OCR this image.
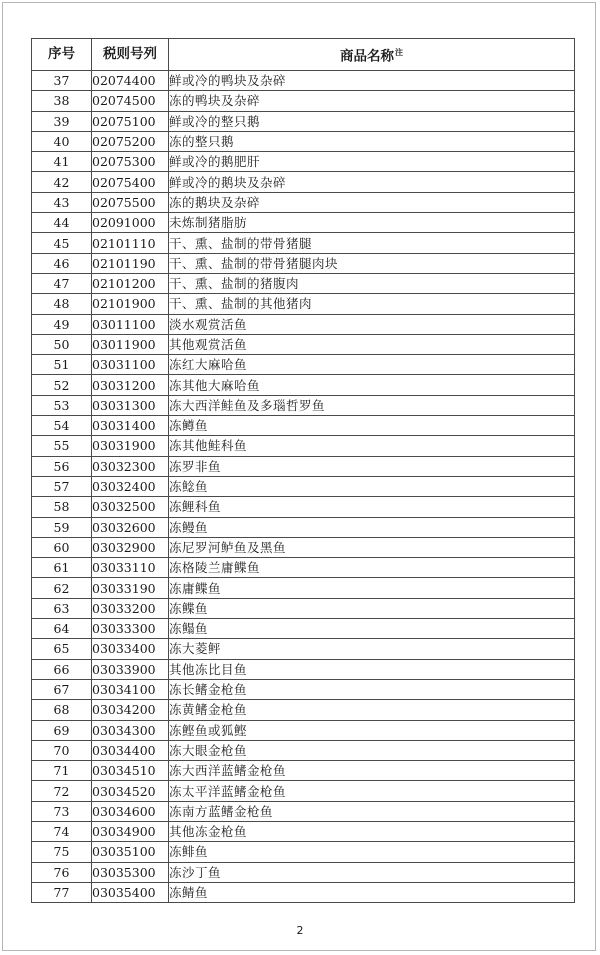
序号	税则号列	商品名称$^注$
37	02074400	鲜或冷的鸭块及杂碎
38	02074500	冻的鸭块及杂碎
39	02075100	鲜或冷的整只鹅
40	02075200	冻的整只鹅
41	02075300	鲜或冷的鹅肥肝
42	02075400	鲜或冷的鹅块及杂碎
43	02075500	冻的鹅块及杂碎
44	02091000	未炼制猪脂肪
45	02101110	干、熏、盐制的带骨猪腿
46	02101190	干、熏、盐制的带骨猪腿肉块
47	02101200	干、熏、盐制的猪腹肉
48	02101900	干、熏、盐制的其他猪肉
49	03011100	淡水观赏活鱼
50	03011900	其他观赏活鱼
51	03031100	冻红大麻哈鱼
52	03031200	冻其他大麻哈鱼
53	03031300	冻大西洋鲑鱼及多瑙哲罗鱼
54	03031400	冻鳟鱼
55	03031900	冻其他鲑科鱼
56	03032300	冻罗非鱼
57	03032400	冻鲶鱼
58	03032500	冻鲤科鱼
59	03032600	冻鳗鱼
60	03032900	冻尼罗河鲈鱼及黑鱼
61	03033110	冻格陵兰庸鲽鱼
62	03033190	冻庸鲽鱼
63	03033200	冻鲽鱼
64	03033300	冻鳎鱼
65	03033400	冻大菱鲆
66	03033900	其他冻比目鱼
67	03034100	冻长鳍金枪鱼
68	03034200	冻黄鳍金枪鱼
69	03034300	冻鲣鱼或狐鲣
70	03034400	冻大眼金枪鱼
71	03034510	冻大西洋蓝鳍金枪鱼
72	03034520	冻太平洋蓝鳍金枪鱼
73	03034600	冻南方蓝鳍金枪鱼
74	03034900	其他冻金枪鱼
75	03035100	冻鲱鱼
76	03035300	冻沙丁鱼
77	03035400	冻鲭鱼
2
